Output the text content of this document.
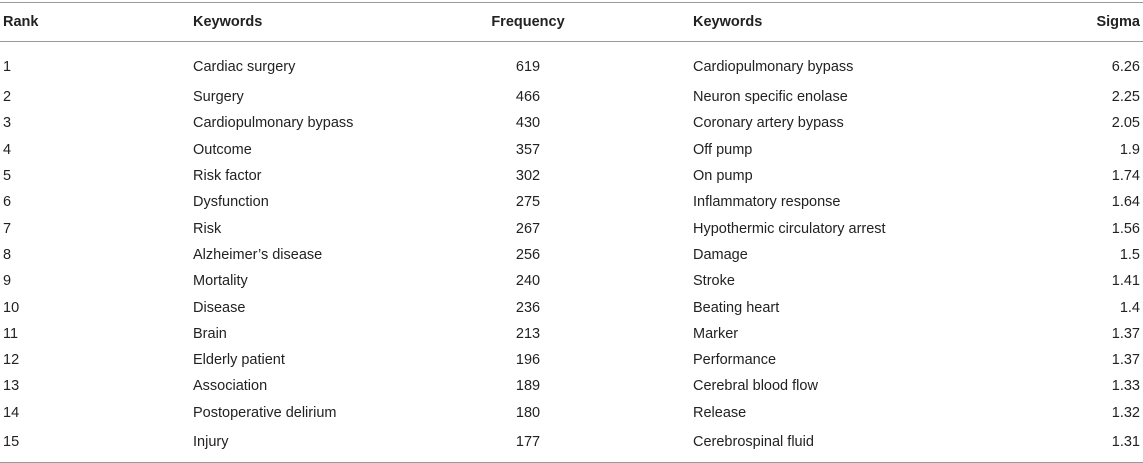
Rank	Keywords	Frequency	Keywords	Sigma
1	Cardiac surgery	619	Cardiopulmonary bypass	6.26
2	Surgery	466	Neuron specific enolase	2.25
3	Cardiopulmonary bypass	430	Coronary artery bypass	2.05
4	Outcome	357	Off pump	1.9
5	Risk factor	302	On pump	1.74
6	Dysfunction	275	Inflammatory response	1.64
7	Risk	267	Hypothermic circulatory arrest	1.56
8	Alzheimer’s disease	256	Damage	1.5
9	Mortality	240	Stroke	1.41
10	Disease	236	Beating heart	1.4
11	Brain	213	Marker	1.37
12	Elderly patient	196	Performance	1.37
13	Association	189	Cerebral blood flow	1.33
14	Postoperative delirium	180	Release	1.32
15	Injury	177	Cerebrospinal fluid	1.31
